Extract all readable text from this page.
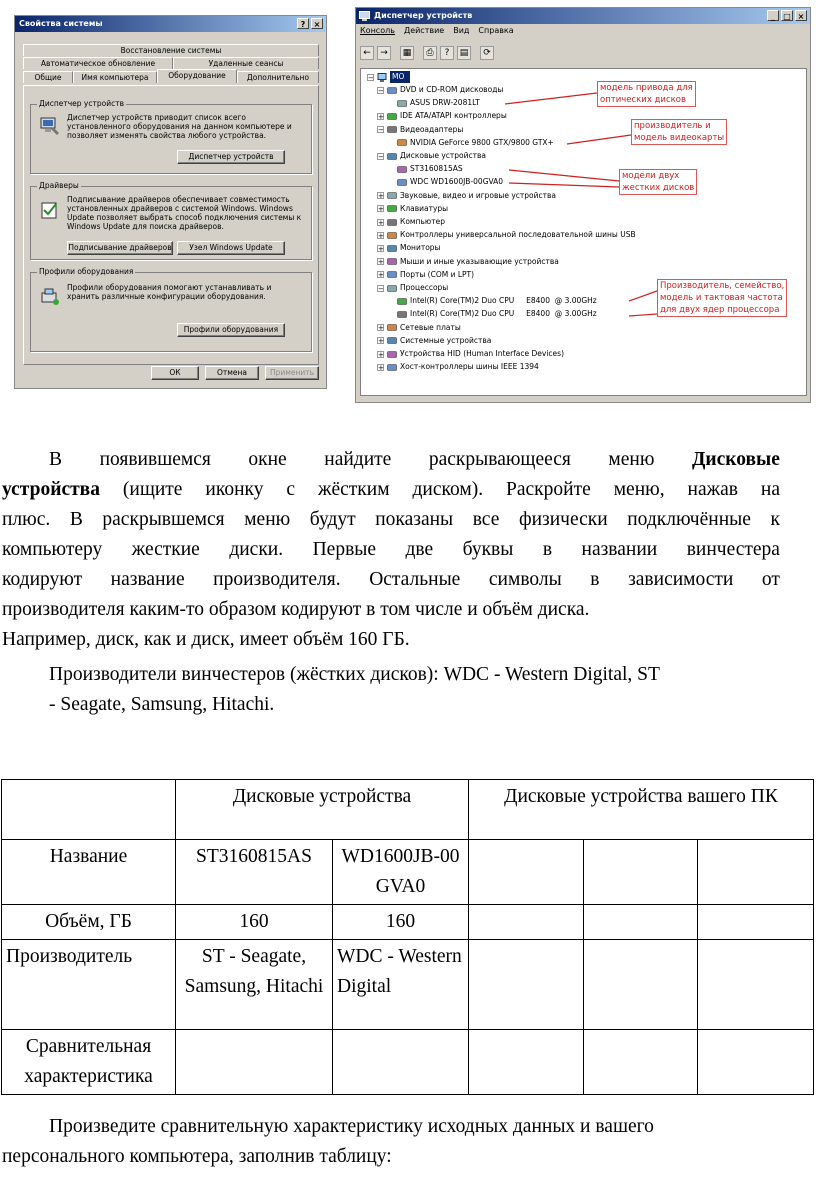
Свойства системы	?	×
Восстановление системы
Автоматическое обновление	Удаленные сеансы
Общие	Имя компьютера	Оборудование	Дополнительно
Диспетчер устройств
Диспетчер устройств приводит список всего установленного оборудования на данном компьютере и позволяет изменять свойства любого устройства.
Диспетчер устройств
Драйверы
Подписывание драйверов обеспечивает совместимость установленных драйверов с системой Windows. Windows Update позволяет выбрать способ подключения системы к Windows Update для поиска драйверов.
Подписывание драйверов	Узел Windows Update
Профили оборудования
Профили оборудования помогают устанавливать и хранить различные конфигурации оборудования.
Профили оборудования
ОК	Отмена	Применить
Диспетчер устройств	_	□ ×
Консоль Действие Вид Справка
←	→	▦	⎙	?	▤	⟳
− MO
− DVD и CD-ROM дисководы
ASUS DRW-2081LT
+ IDE ATA/ATAPI контроллеры
− Видеоадаптеры
NVIDIA GeForce 9800 GTX/9800 GTX+
− Дисковые устройства
ST3160815AS
WDC WD1600JB-00GVA0
+ Звуковые, видео и игровые устройства
+ Клавиатуры
+ Компьютер
+ Контроллеры универсальной последовательной шины USB
+ Мониторы
+ Мыши и иные указывающие устройства
+ Порты (COM и LPT)
− Процессоры
Intel(R) Core(TM)2 Duo CPU     E8400  @ 3.00GHz
Intel(R) Core(TM)2 Duo CPU     E8400  @ 3.00GHz
+ Сетевые платы
+ Системные устройства
+ Устройства HID (Human Interface Devices)
+ Хост-контроллеры шины IEEE 1394
модель привода для
оптических дисков
производитель и
модель видеокарты
модели двух
жестких дисков
Производитель, семейство,
модель и тактовая частота
для двух ядер процессора
В появившемся окне найдите раскрывающееся меню Дисковые
устройства (ищите иконку с жёстким диском). Раскройте меню, нажав на
плюс. В раскрывшемся меню будут показаны все физически подключённые к
компьютеру жесткие диски. Первые две буквы в названии винчестера
кодируют название производителя. Остальные символы в зависимости от
производителя каким-то образом кодируют в том числе и объём диска.
Например, диск, как и диск, имеет объём 160 ГБ.
Производители винчестеров (жёстких дисков): WDC - Western Digital, ST
- Seagate, Samsung, Hitachi.
	Дисковые устройства		Дисковые устройства вашего ПК		
Название	ST3160815AS	WD1600JB-00GVA0			
Объём, ГБ	160	160			
Производитель	ST - Seagate, Samsung, Hitachi	WDC - Western Digital			
Сравнительная характеристика					
Произведите сравнительную характеристику исходных данных и вашего
персонального компьютера, заполнив таблицу:
